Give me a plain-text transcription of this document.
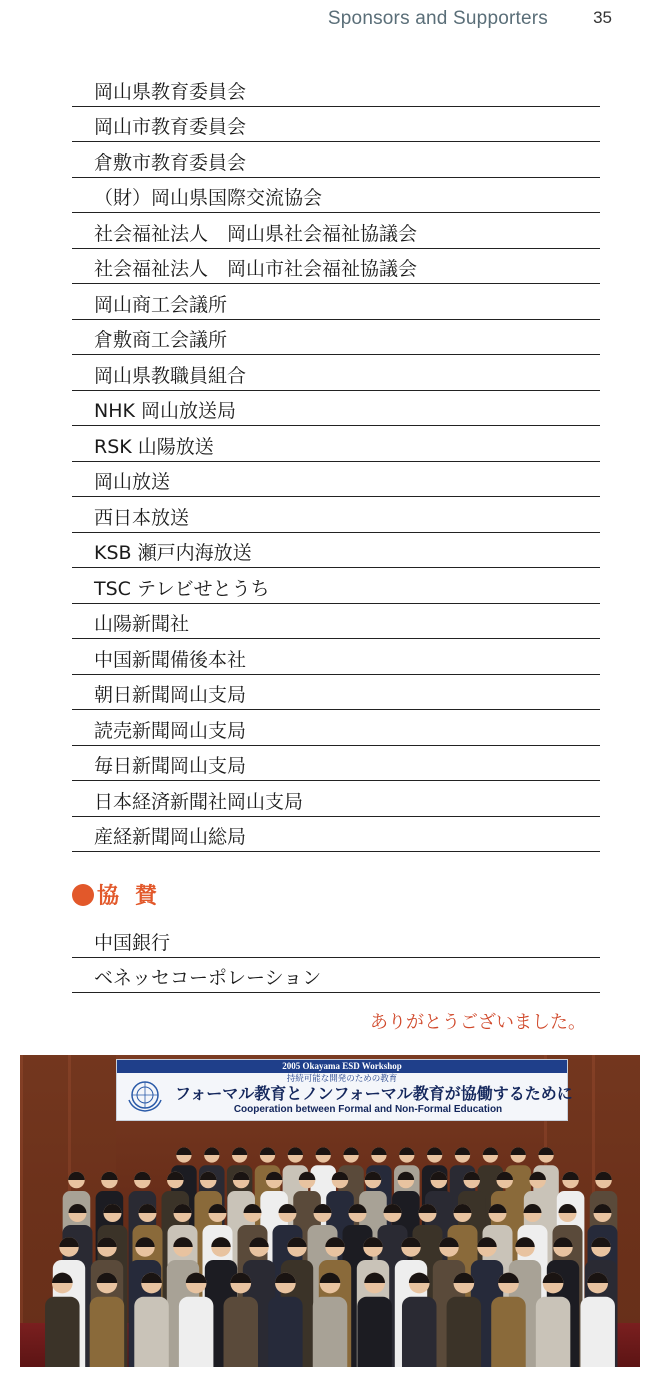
Sponsors and Supporters	35
岡山県教育委員会
岡山市教育委員会
倉敷市教育委員会
（財）岡山県国際交流協会
社会福祉法人　岡山県社会福祉協議会
社会福祉法人　岡山市社会福祉協議会
岡山商工会議所
倉敷商工会議所
岡山県教職員組合
NHK 岡山放送局
RSK 山陽放送
岡山放送
西日本放送
KSB 瀬戸内海放送
TSC テレビせとうち
山陽新聞社
中国新聞備後本社
朝日新聞岡山支局
読売新聞岡山支局
毎日新聞岡山支局
日本経済新聞社岡山支局
産経新聞岡山総局
協賛
中国銀行
ベネッセコーポレーション
ありがとうございました。
2005 Okayama ESD Workshop
持続可能な開発のための教育
フォーマル教育とノンフォーマル教育が協働するために
Cooperation between Formal and Non-Formal Education
